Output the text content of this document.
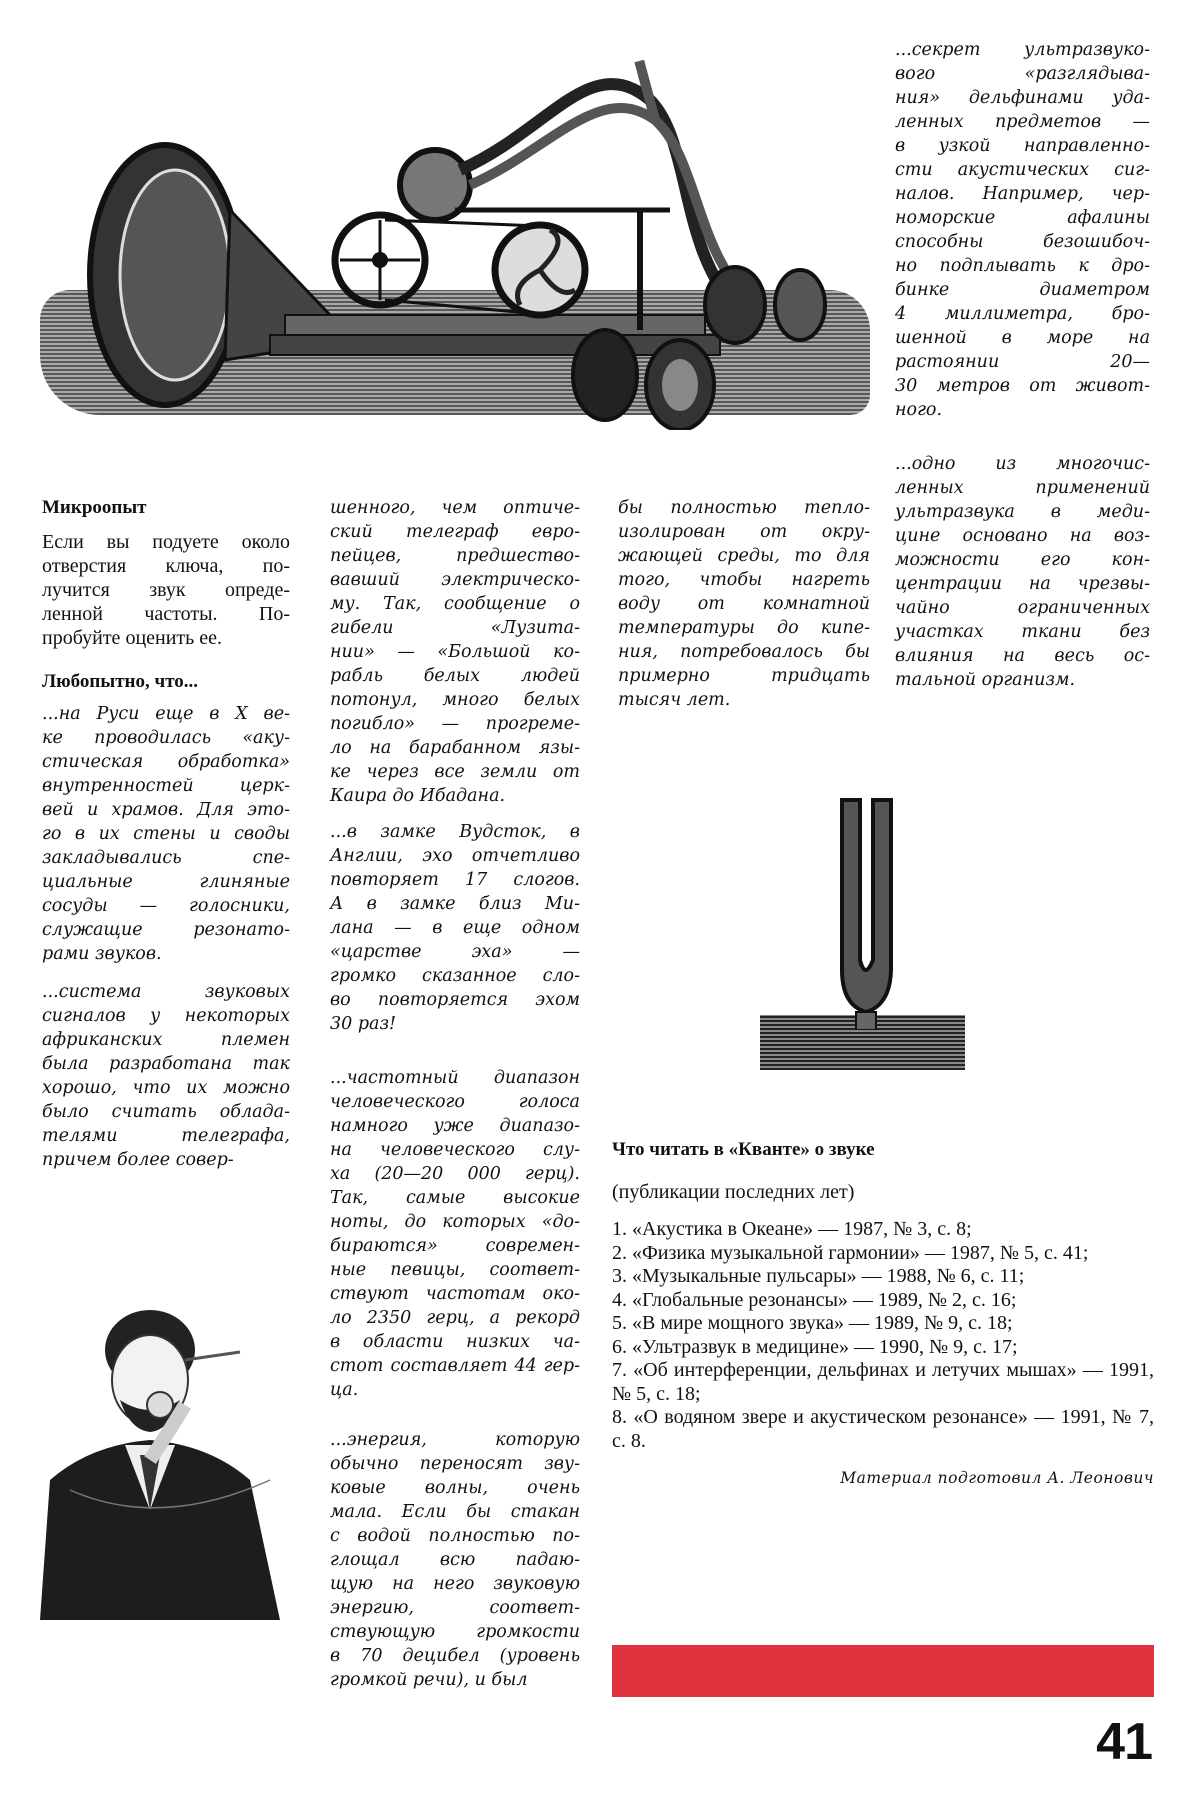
...секрет ультразвуко-
вого «разглядыва-
ния» дельфинами уда-
ленных предметов —
в узкой направленно-
сти акустических сиг-
налов. Например, чер-
номорские афалины
способны безошибоч-
но подплывать к дро-
бинке диаметром
4 миллиметра, бро-
шенной в море на
растоянии 20—
30 метров от живот-
ного.
...одно из многочис-
ленных применений
ультразвука в меди-
цине основано на воз-
можности его кон-
центрации на чрезвы-
чайно ограниченных
участках ткани без
влияния на весь ос-
тальной организм.
Микроопыт
Если вы подуете около
отверстия ключа, по-
лучится звук опреде-
ленной частоты. По-
пробуйте оценить ее.
Любопытно, что...
...на Руси еще в X ве-
ке проводилась «аку-
стическая обработка»
внутренностей церк-
вей и храмов. Для это-
го в их стены и своды
закладывались спе-
циальные глиняные
сосуды — голосники,
служащие резонато-
рами звуков.
...система звуковых
сигналов у некоторых
африканских племен
была разработана так
хорошо, что их можно
было считать облада-
телями телеграфа,
причем более совер-
шенного, чем оптиче-
ский телеграф евро-
пейцев, предшество-
вавший электрическо-
му. Так, сообщение о
гибели «Лузита-
нии» — «Большой ко-
рабль белых людей
потонул, много белых
погибло» — прогреме-
ло на барабанном язы-
ке через все земли от
Каира до Ибадана.
...в замке Вудсток, в
Англии, эхо отчетливо
повторяет 17 слогов.
А в замке близ Ми-
лана — в еще одном
«царстве эха» —
громко сказанное сло-
во повторяется эхом
30 раз!
...частотный диапазон
человеческого голоса
намного уже диапазо-
на человеческого слу-
ха (20—20 000 герц).
Так, самые высокие
ноты, до которых «до-
бираются» современ-
ные певицы, соответ-
ствуют частотам око-
ло 2350 герц, а рекорд
в области низких ча-
стот составляет 44 гер-
ца.
...энергия, которую
обычно переносят зву-
ковые волны, очень
мала. Если бы стакан
с водой полностью по-
глощал всю падаю-
щую на него звуковую
энергию, соответ-
ствующую громкости
в 70 децибел (уровень
громкой речи), и был
бы полностью тепло-
изолирован от окру-
жающей среды, то для
того, чтобы нагреть
воду от комнатной
температуры до кипе-
ния, потребовалось бы
примерно тридцать
тысяч лет.
Что читать в «Кванте» о звуке
(публикации последних лет)
1. «Акустика в Океане» — 1987, № 3, с. 8;
2. «Физика музыкальной гармонии» — 1987, № 5, с. 41;
3. «Музыкальные пульсары» — 1988, № 6, с. 11;
4. «Глобальные резонансы» — 1989, № 2, с. 16;
5. «В мире мощного звука» — 1989, № 9, с. 18;
6. «Ультразвук в медицине» — 1990, № 9, с. 17;
7. «Об интерференции, дельфинах и летучих мышах» — 1991, № 5, с. 18;
8. «О водяном звере и акустическом резонансе» — 1991, № 7, с. 8.
Материал подготовил А. Леонович
41
